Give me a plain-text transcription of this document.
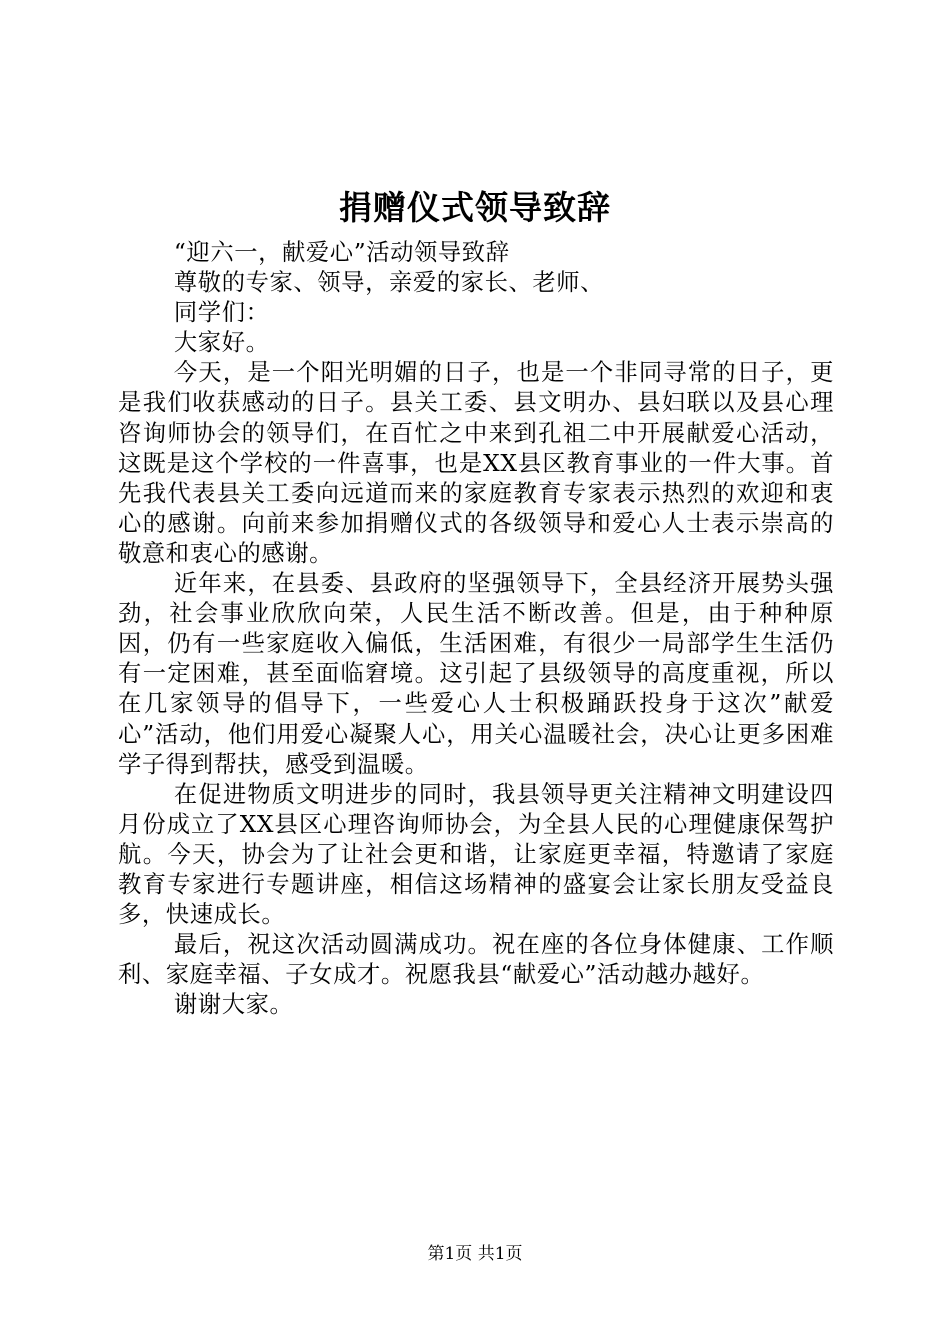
捐赠仪式领导致辞

“迎六一，献爱心”活动领导致辞

尊敬的专家、领导，亲爱的家长、老师、

同学们：

大家好。

今天，是一个阳光明媚的日子，也是一个非同寻常的日子，更是我们收获感动的日子。县关工委、县文明办、县妇联以及县心理咨询师协会的领导们，在百忙之中来到孔祖二中开展献爱心活动，这既是这个学校的一件喜事，也是XX县区教育事业的一件大事。首先我代表县关工委向远道而来的家庭教育专家表示热烈的欢迎和衷心的感谢。向前来参加捐赠仪式的各级领导和爱心人士表示崇高的敬意和衷心的感谢。

近年来，在县委、县政府的坚强领导下，全县经济开展势头强劲，社会事业欣欣向荣，人民生活不断改善。但是，由于种种原因，仍有一些家庭收入偏低，生活困难，有很少一局部学生生活仍有一定困难，甚至面临窘境。这引起了县级领导的高度重视，所以在几家领导的倡导下，一些爱心人士积极踊跃投身于这次”献爱心”活动，他们用爱心凝聚人心，用关心温暖社会，决心让更多困难学子得到帮扶，感受到温暖。

在促进物质文明进步的同时，我县领导更关注精神文明建设四月份成立了XX县区心理咨询师协会，为全县人民的心理健康保驾护航。今天，协会为了让社会更和谐，让家庭更幸福，特邀请了家庭教育专家进行专题讲座，相信这场精神的盛宴会让家长朋友受益良多，快速成长。

最后，祝这次活动圆满成功。祝在座的各位身体健康、工作顺利、家庭幸福、子女成才。祝愿我县“献爱心”活动越办越好。

谢谢大家。

第1页 共1页
